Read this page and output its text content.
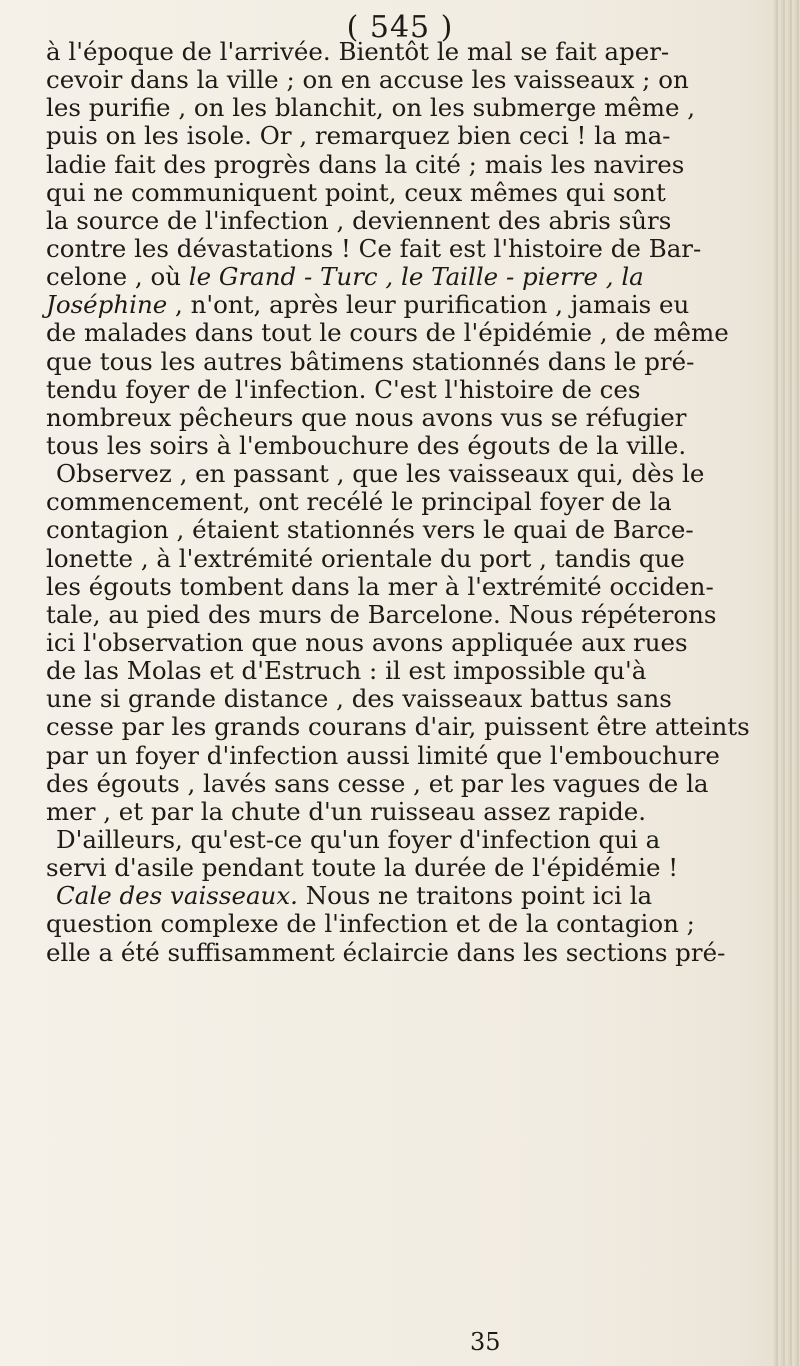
( 545 )
à l'époque de l'arrivée. Bientôt le mal se fait aper-
cevoir dans la ville ; on en accuse les vaisseaux ; on
les purifie , on les blanchit, on les submerge même ,
puis on les isole. Or , remarquez bien ceci ! la ma-
ladie fait des progrès dans la cité ; mais les navires
qui ne communiquent point, ceux mêmes qui sont
la source de l'infection , deviennent des abris sûrs
contre les dévastations ! Ce fait est l'histoire de Bar-
celone , où le Grand - Turc , le Taille - pierre , la
Joséphine , n'ont, après leur purification , jamais eu
de malades dans tout le cours de l'épidémie , de même
que tous les autres bâtimens stationnés dans le pré-
tendu foyer de l'infection. C'est l'histoire de ces
nombreux pêcheurs que nous avons vus se réfugier
tous les soirs à l'embouchure des égouts de la ville.
Observez , en passant , que les vaisseaux qui, dès le
commencement, ont recélé le principal foyer de la
contagion , étaient stationnés vers le quai de Barce-
lonette , à l'extrémité orientale du port , tandis que
les égouts tombent dans la mer à l'extrémité occiden-
tale, au pied des murs de Barcelone. Nous répéterons
ici l'observation que nous avons appliquée aux rues
de las Molas et d'Estruch : il est impossible qu'à
une si grande distance , des vaisseaux battus sans
cesse par les grands courans d'air, puissent être atteints
par un foyer d'infection aussi limité que l'embouchure
des égouts , lavés sans cesse , et par les vagues de la
mer , et par la chute d'un ruisseau assez rapide.
D'ailleurs, qu'est-ce qu'un foyer d'infection qui a
servi d'asile pendant toute la durée de l'épidémie !
Cale des vaisseaux. Nous ne traitons point ici la
question complexe de l'infection et de la contagion ;
elle a été suffisamment éclaircie dans les sections pré-
35
